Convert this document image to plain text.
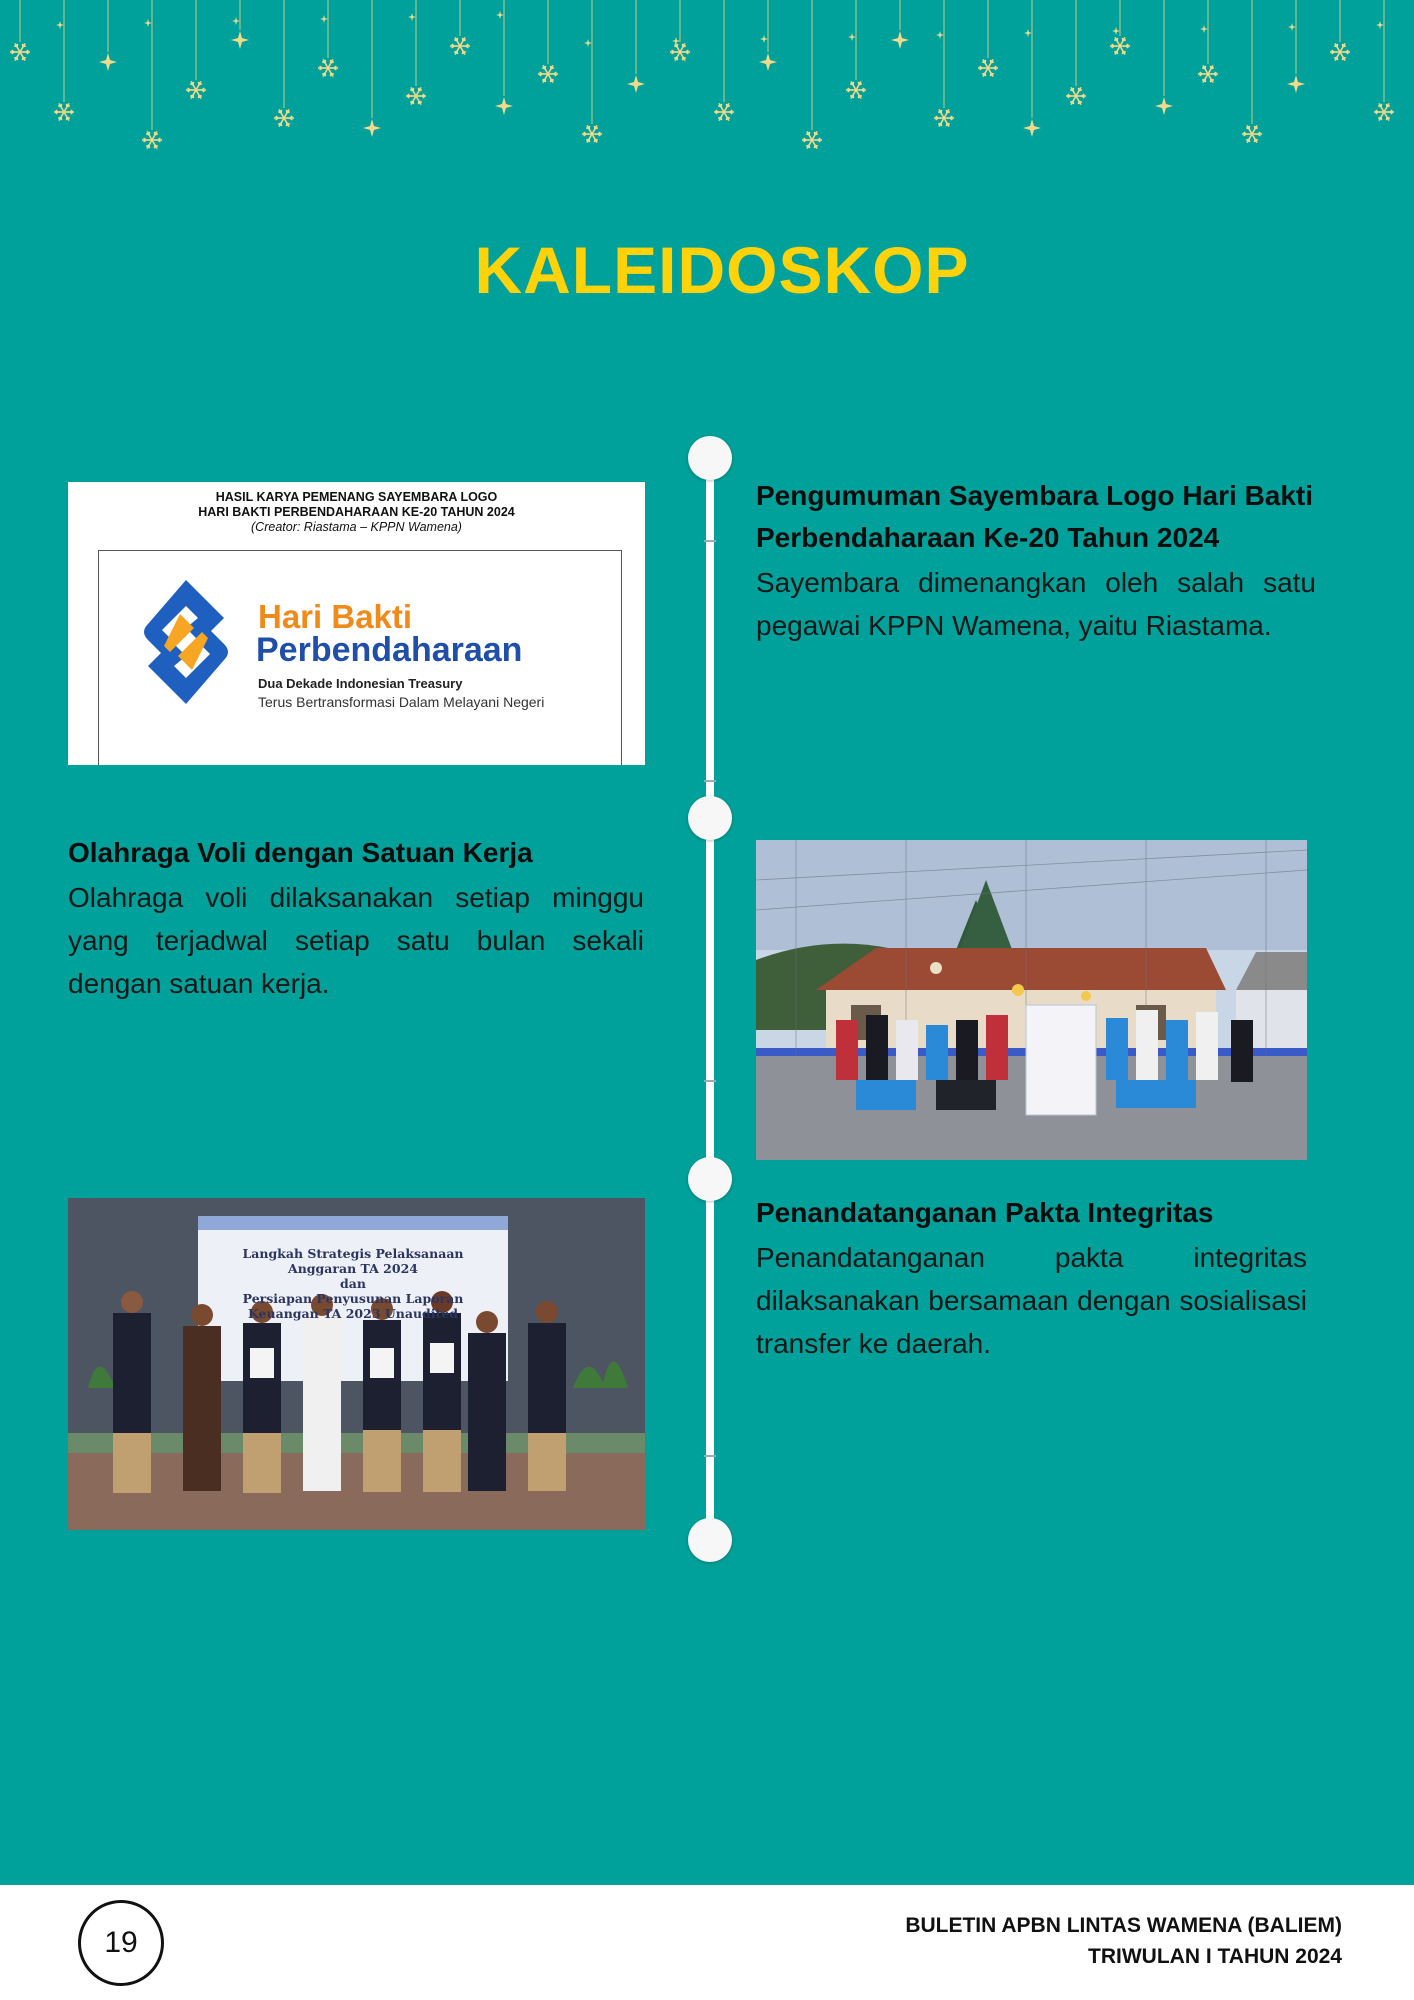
KALEIDOSKOP
HASIL KARYA PEMENANG SAYEMBARA LOGO
HARI BAKTI PERBENDAHARAAN KE-20 TAHUN 2024
(Creator: Riastama – KPPN Wamena)
Hari Bakti
Perbendaharaan
Dua Dekade Indonesian Treasury
Terus Bertransformasi Dalam Melayani Negeri
Pengumuman Sayembara Logo Hari Bakti
Perbendaharaan Ke-20 Tahun 2024

Sayembara dimenangkan oleh salah satu pegawai KPPN Wamena, yaitu Riastama.

Olahraga Voli dengan Satuan Kerja

Olahraga voli dilaksanakan setiap minggu yang terjadwal setiap satu bulan sekali dengan satuan kerja.

Langkah Strategis Pelaksanaan
Anggaran TA 2024
dan
Persiapan Penyusunan Laporan
Keuangan TA 2023 Unaudited
Penandatanganan Pakta Integritas

Penandatanganan pakta integritas dilaksanakan bersamaan dengan sosialisasi transfer ke daerah.

19
BULETIN APBN LINTAS WAMENA (BALIEM)
TRIWULAN I TAHUN 2024
